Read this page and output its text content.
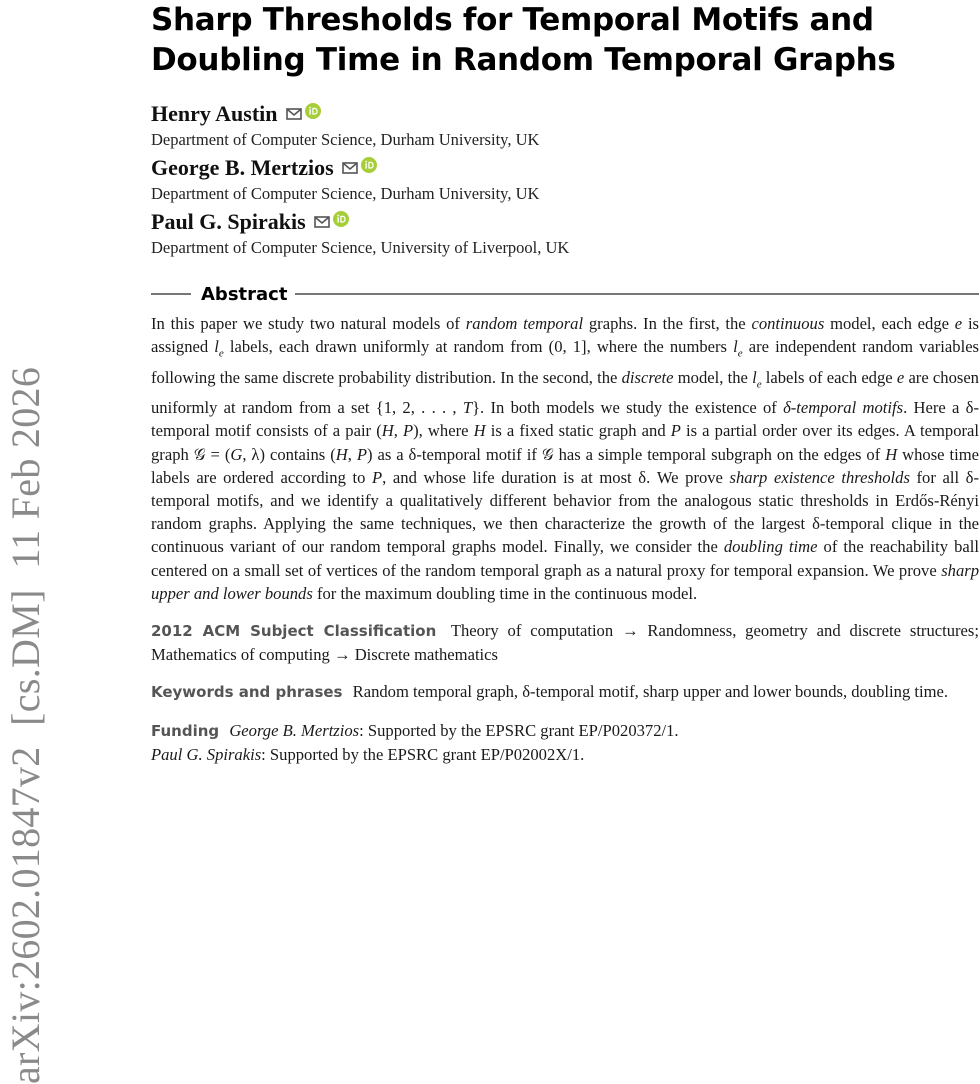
arXiv:2602.01847v2  [cs.DM]  11 Feb 2026
Sharp Thresholds for Temporal Motifs and
Doubling Time in Random Temporal Graphs
Henry Austin
Department of Computer Science, Durham University, UK
George B. Mertzios
Department of Computer Science, Durham University, UK
Paul G. Spirakis
Department of Computer Science, University of Liverpool, UK
Abstract
In this paper we study two natural models of random temporal graphs. In the first, the continuous model, each edge e is assigned $l_e$ labels, each drawn uniformly at random from (0, 1], where the numbers $l_e$ are independent random variables following the same discrete probability distribution. In the second, the discrete model, the $l_e$ labels of each edge e are chosen uniformly at random from a set {1, 2, . . . , T}. In both models we study the existence of δ-temporal motifs. Here a δ-temporal motif consists of a pair (H, P), where H is a fixed static graph and P is a partial order over its edges. A temporal graph 𝒢 = (G, λ) contains (H, P) as a δ-temporal motif if 𝒢 has a simple temporal subgraph on the edges of H whose time labels are ordered according to P, and whose life duration is at most δ. We prove sharp existence thresholds for all δ-temporal motifs, and we identify a qualitatively different behavior from the analogous static thresholds in Erdős-Rényi random graphs. Applying the same techniques, we then characterize the growth of the largest δ-temporal clique in the continuous variant of our random temporal graphs model. Finally, we consider the doubling time of the reachability ball centered on a small set of vertices of the random temporal graph as a natural proxy for temporal expansion. We prove sharp upper and lower bounds for the maximum doubling time in the continuous model.
2012 ACM Subject Classification Theory of computation → Randomness, geometry and discrete structures; Mathematics of computing → Discrete mathematics
Keywords and phrases Random temporal graph, δ-temporal motif, sharp upper and lower bounds, doubling time.
Funding George B. Mertzios: Supported by the EPSRC grant EP/P020372/1.
Paul G. Spirakis: Supported by the EPSRC grant EP/P02002X/1.
